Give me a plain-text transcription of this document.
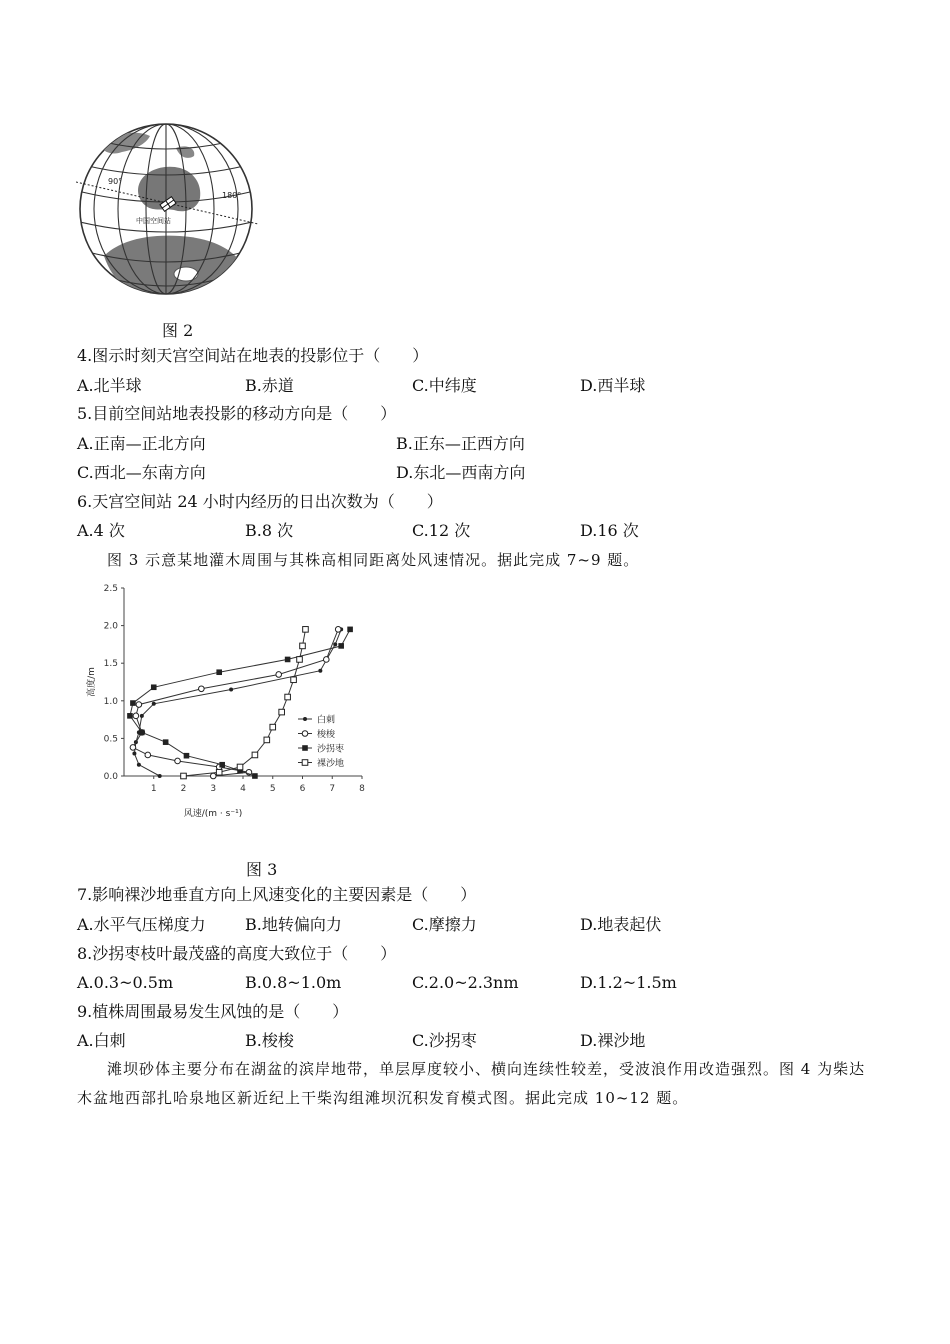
90°
180°
中国空间站
图 2
4.图示时刻天宫空间站在地表的投影位于（　　）
A.北半球	B.赤道	C.中纬度	D.西半球
5.目前空间站地表投影的移动方向是（　　）
A.正南—正北方向	B.正东—正西方向
C.西北—东南方向	D.东北—西南方向
6.天宫空间站 24 小时内经历的日出次数为（　　）
A.4 次	B.8 次	C.12 次	D.16 次
图 3 示意某地灌木周围与其株高相同距离处风速情况。据此完成 7~9 题。
0.0
0.5
1.0
1.5
2.0
2.5
1	2	3	4	5	6	7	8
风速/(m · s⁻¹)
高度/m
白刺
梭梭
沙拐枣
裸沙地
图 3
7.影响裸沙地垂直方向上风速变化的主要因素是（　　）
A.水平气压梯度力 B.地转偏向力	C.摩擦力	D.地表起伏
8.沙拐枣枝叶最茂盛的高度大致位于（　　）
A.0.3~0.5m	B.0.8~1.0m	C.2.0~2.3nm	D.1.2~1.5m
9.植株周围最易发生风蚀的是（　　）
A.白刺	B.梭梭	C.沙拐枣	D.裸沙地
滩坝砂体主要分布在湖盆的滨岸地带，单层厚度较小、横向连续性较差，受波浪作用改造强烈。图 4 为柴达木盆地西部扎哈泉地区新近纪上干柴沟组滩坝沉积发育模式图。据此完成 10~12 题。
